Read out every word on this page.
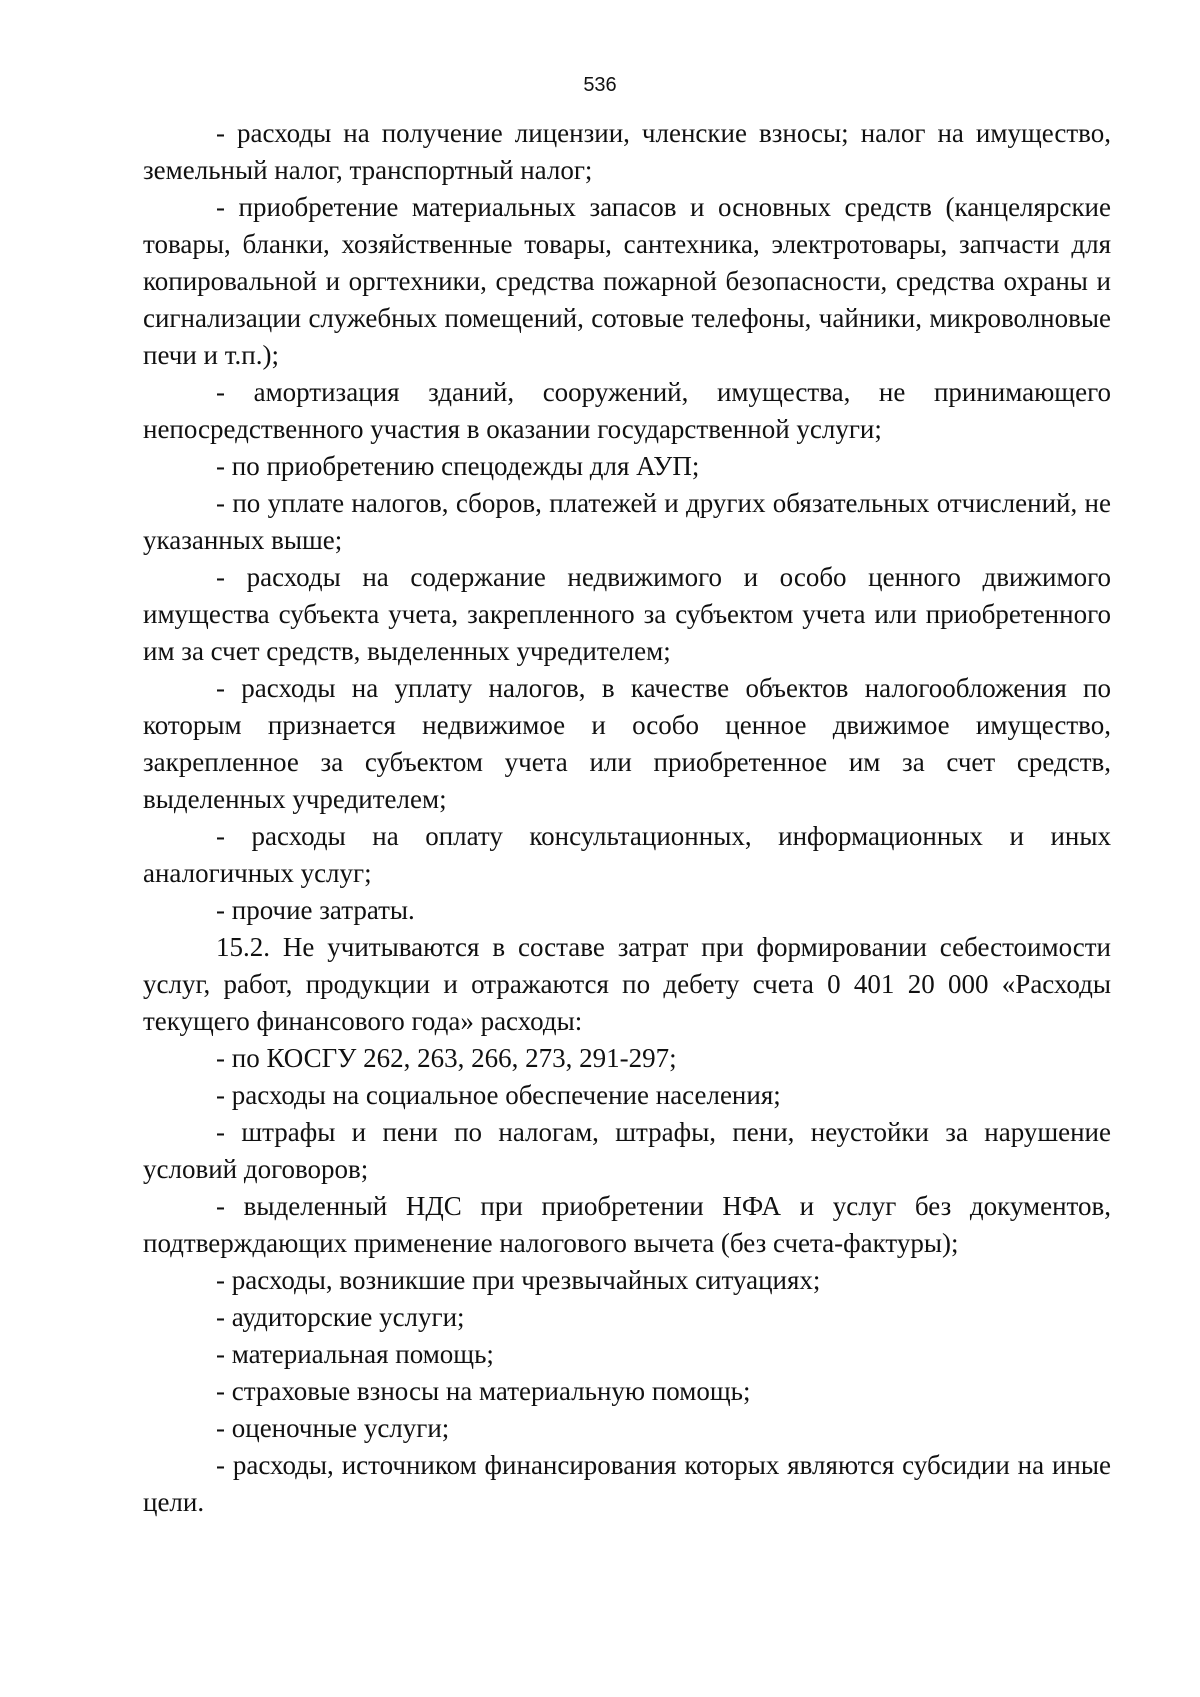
536

- расходы на получение лицензии, членские взносы; налог на имущество, земельный налог, транспортный налог;

- приобретение материальных запасов и основных средств (канцелярские товары, бланки, хозяйственные товары, сантехника, электротовары, запчасти для копировальной и оргтехники, средства пожарной безопасности, средства охраны и сигнализации служебных помещений, сотовые телефоны, чайники, микроволновые печи и т.п.);

- амортизация зданий, сооружений, имущества, не принимающего непосредственного участия в оказании государственной услуги;

- по приобретению спецодежды для АУП;

- по уплате налогов, сборов, платежей и других обязательных отчислений, не указанных выше;

- расходы на содержание недвижимого и особо ценного движимого имущества субъекта учета, закрепленного за субъектом учета или приобретенного им за счет средств, выделенных учредителем;

- расходы на уплату налогов, в качестве объектов налогообложения по которым признается недвижимое и особо ценное движимое имущество, закрепленное за субъектом учета или приобретенное им за счет средств, выделенных учредителем;

- расходы на оплату консультационных, информационных и иных аналогичных услуг;

- прочие затраты.

15.2. Не учитываются в составе затрат при формировании себестоимости услуг, работ, продукции и отражаются по дебету счета 0 401 20 000 «Расходы текущего финансового года» расходы:

- по КОСГУ 262, 263, 266, 273, 291-297;

- расходы на социальное обеспечение населения;

- штрафы и пени по налогам, штрафы, пени, неустойки за нарушение условий договоров;

- выделенный НДС при приобретении НФА и услуг без документов, подтверждающих применение налогового вычета (без счета-фактуры);

- расходы, возникшие при чрезвычайных ситуациях;

- аудиторские услуги;

- материальная помощь;

- страховые взносы на материальную помощь;

- оценочные услуги;

- расходы, источником финансирования которых являются субсидии на иные цели.
